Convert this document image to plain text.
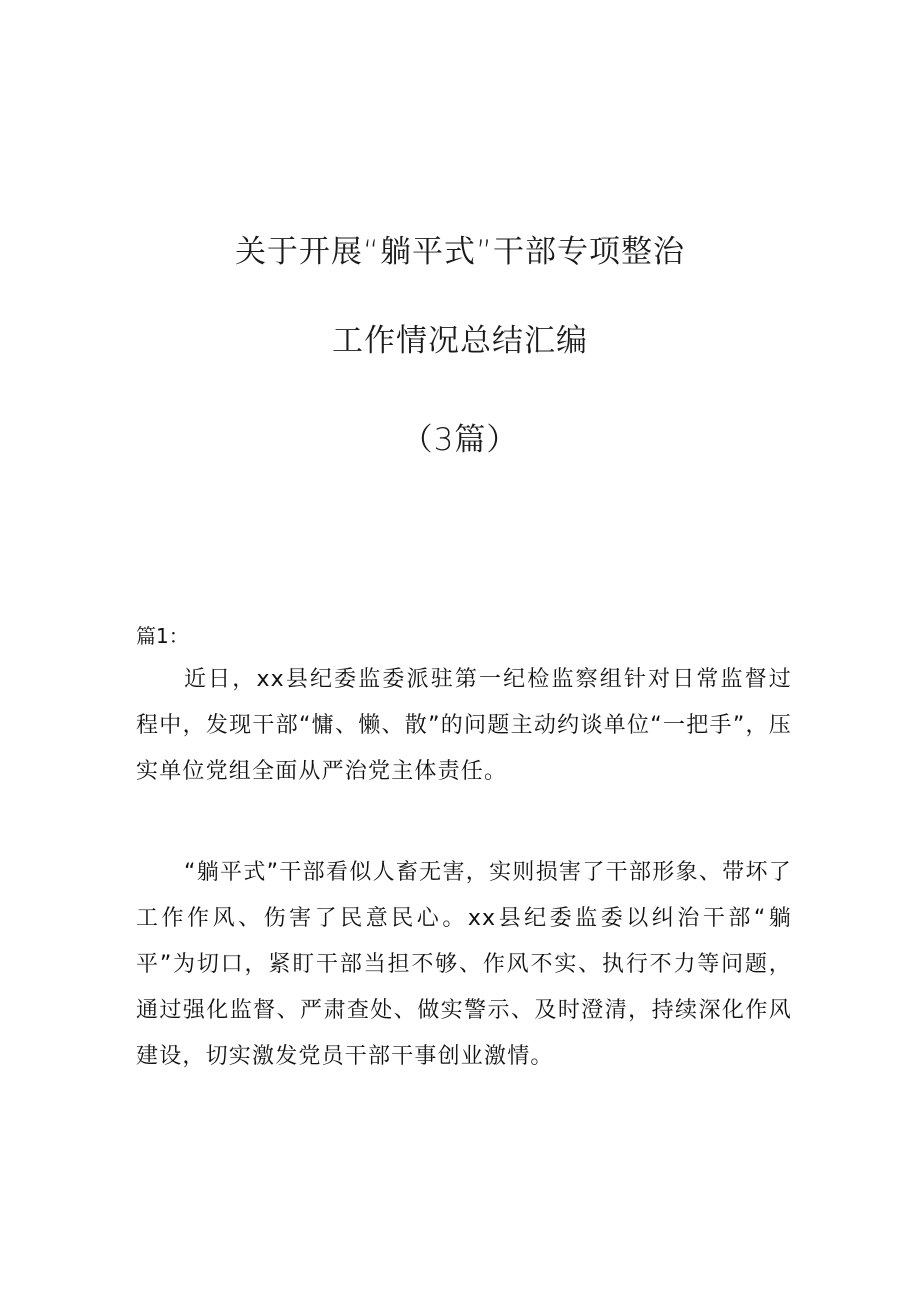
关于开展“躺平式”干部专项整治
工作情况总结汇编
（3篇）
篇1：

近日，xx县纪委监委派驻第一纪检监察组针对日常监督过程中，发现干部“慵、懒、散”的问题主动约谈单位“一把手”，压实单位党组全面从严治党主体责任。

“躺平式”干部看似人畜无害，实则损害了干部形象、带坏了工作作风、伤害了民意民心。xx县纪委监委以纠治干部“躺平”为切口，紧盯干部当担不够、作风不实、执行不力等问题，通过强化监督、严肃查处、做实警示、及时澄清，持续深化作风建设，切实激发党员干部干事创业激情。
